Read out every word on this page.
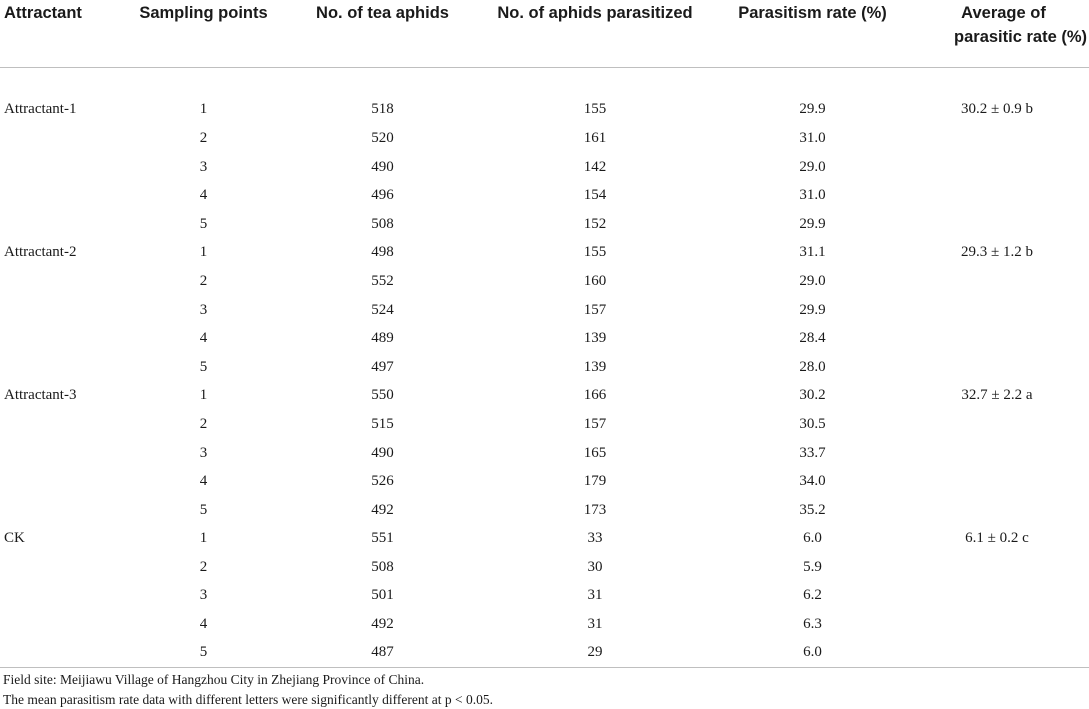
Attractant	Sampling points	No. of tea aphids	No. of aphids parasitized	Parasitism rate (%)	Average of
parasitic rate (%)

Attractant-1	1	518	155	29.9	30.2 ± 0.9 b
	2	520	161	31.0	
	3	490	142	29.0	
	4	496	154	31.0	
	5	508	152	29.9	
Attractant-2	1	498	155	31.1	29.3 ± 1.2 b
	2	552	160	29.0	
	3	524	157	29.9	
	4	489	139	28.4	
	5	497	139	28.0	
Attractant-3	1	550	166	30.2	32.7 ± 2.2 a
	2	515	157	30.5	
	3	490	165	33.7	
	4	526	179	34.0	
	5	492	173	35.2	
CK	1	551	33	6.0	6.1 ± 0.2 c
	2	508	30	5.9	
	3	501	31	6.2	
	4	492	31	6.3	
	5	487	29	6.0	

Field site: Meijiawu Village of Hangzhou City in Zhejiang Province of China.

The mean parasitism rate data with different letters were significantly different at p < 0.05.
